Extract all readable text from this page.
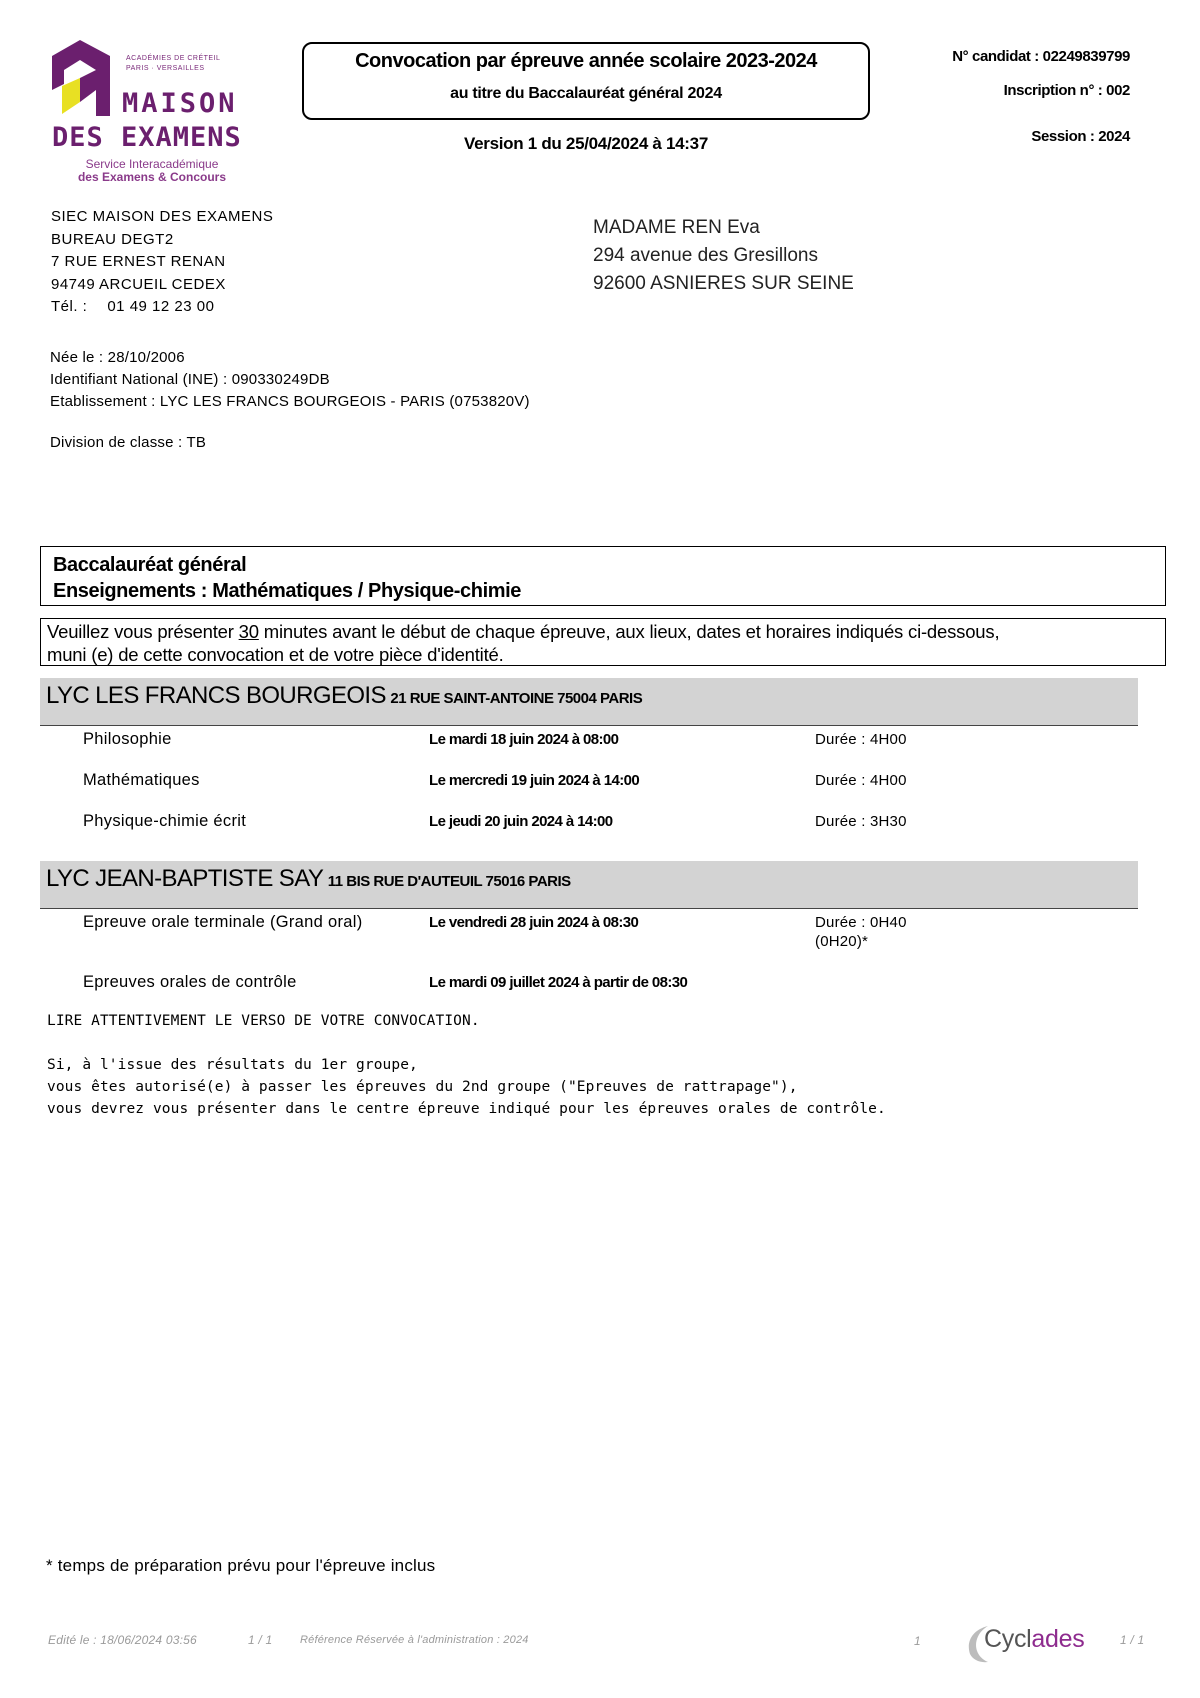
ACADÉMIES DE CRÉTEIL
PARIS · VERSAILLES
MAISON
DES EXAMENS
Service Interacadémique
des Examens & Concours
Convocation par épreuve année scolaire 2023-2024
au titre du Baccalauréat général 2024
Version 1 du 25/04/2024 à 14:37
N° candidat : 02249839799
Inscription n° : 002
Session : 2024
SIEC MAISON DES EXAMENS
BUREAU DEGT2
7 RUE ERNEST RENAN
94749 ARCUEIL CEDEX
Tél. : 01 49 12 23 00
MADAME REN Eva
294 avenue des Gresillons
92600 ASNIERES SUR SEINE
Née le : 28/10/2006
Identifiant National (INE) : 090330249DB
Etablissement : LYC LES FRANCS BOURGEOIS - PARIS (0753820V)
Division de classe : TB
Baccalauréat général
Enseignements : Mathématiques / Physique-chimie
Veuillez vous présenter 30 minutes avant le début de chaque épreuve, aux lieux, dates et horaires indiqués ci-dessous,
muni (e) de cette convocation et de votre pièce d'identité.
LYC LES FRANCS BOURGEOIS 21 RUE SAINT-ANTOINE 75004 PARIS
Philosophie	Le mardi 18 juin 2024 à 08:00	Durée : 4H00
Mathématiques	Le mercredi 19 juin 2024 à 14:00	Durée : 4H00
Physique-chimie écrit	Le jeudi 20 juin 2024 à 14:00	Durée : 3H30
LYC JEAN-BAPTISTE SAY 11 BIS RUE D'AUTEUIL 75016 PARIS
Epreuve orale terminale (Grand oral)	Le vendredi 28 juin 2024 à 08:30	Durée : 0H40
(0H20)*
Epreuves orales de contrôle	Le mardi 09 juillet 2024 à partir de 08:30
LIRE ATTENTIVEMENT LE VERSO DE VOTRE CONVOCATION.
Si, à l'issue des résultats du 1er groupe,
vous êtes autorisé(e) à passer les épreuves du 2nd groupe ("Epreuves de rattrapage"),
vous devrez vous présenter dans le centre épreuve indiqué pour les épreuves orales de contrôle.
* temps de préparation prévu pour l'épreuve inclus
Edité le : 18/06/2024 03:56	1 / 1	Référence Réservée à l'administration : 2024	1	Cyclades	1 / 1
